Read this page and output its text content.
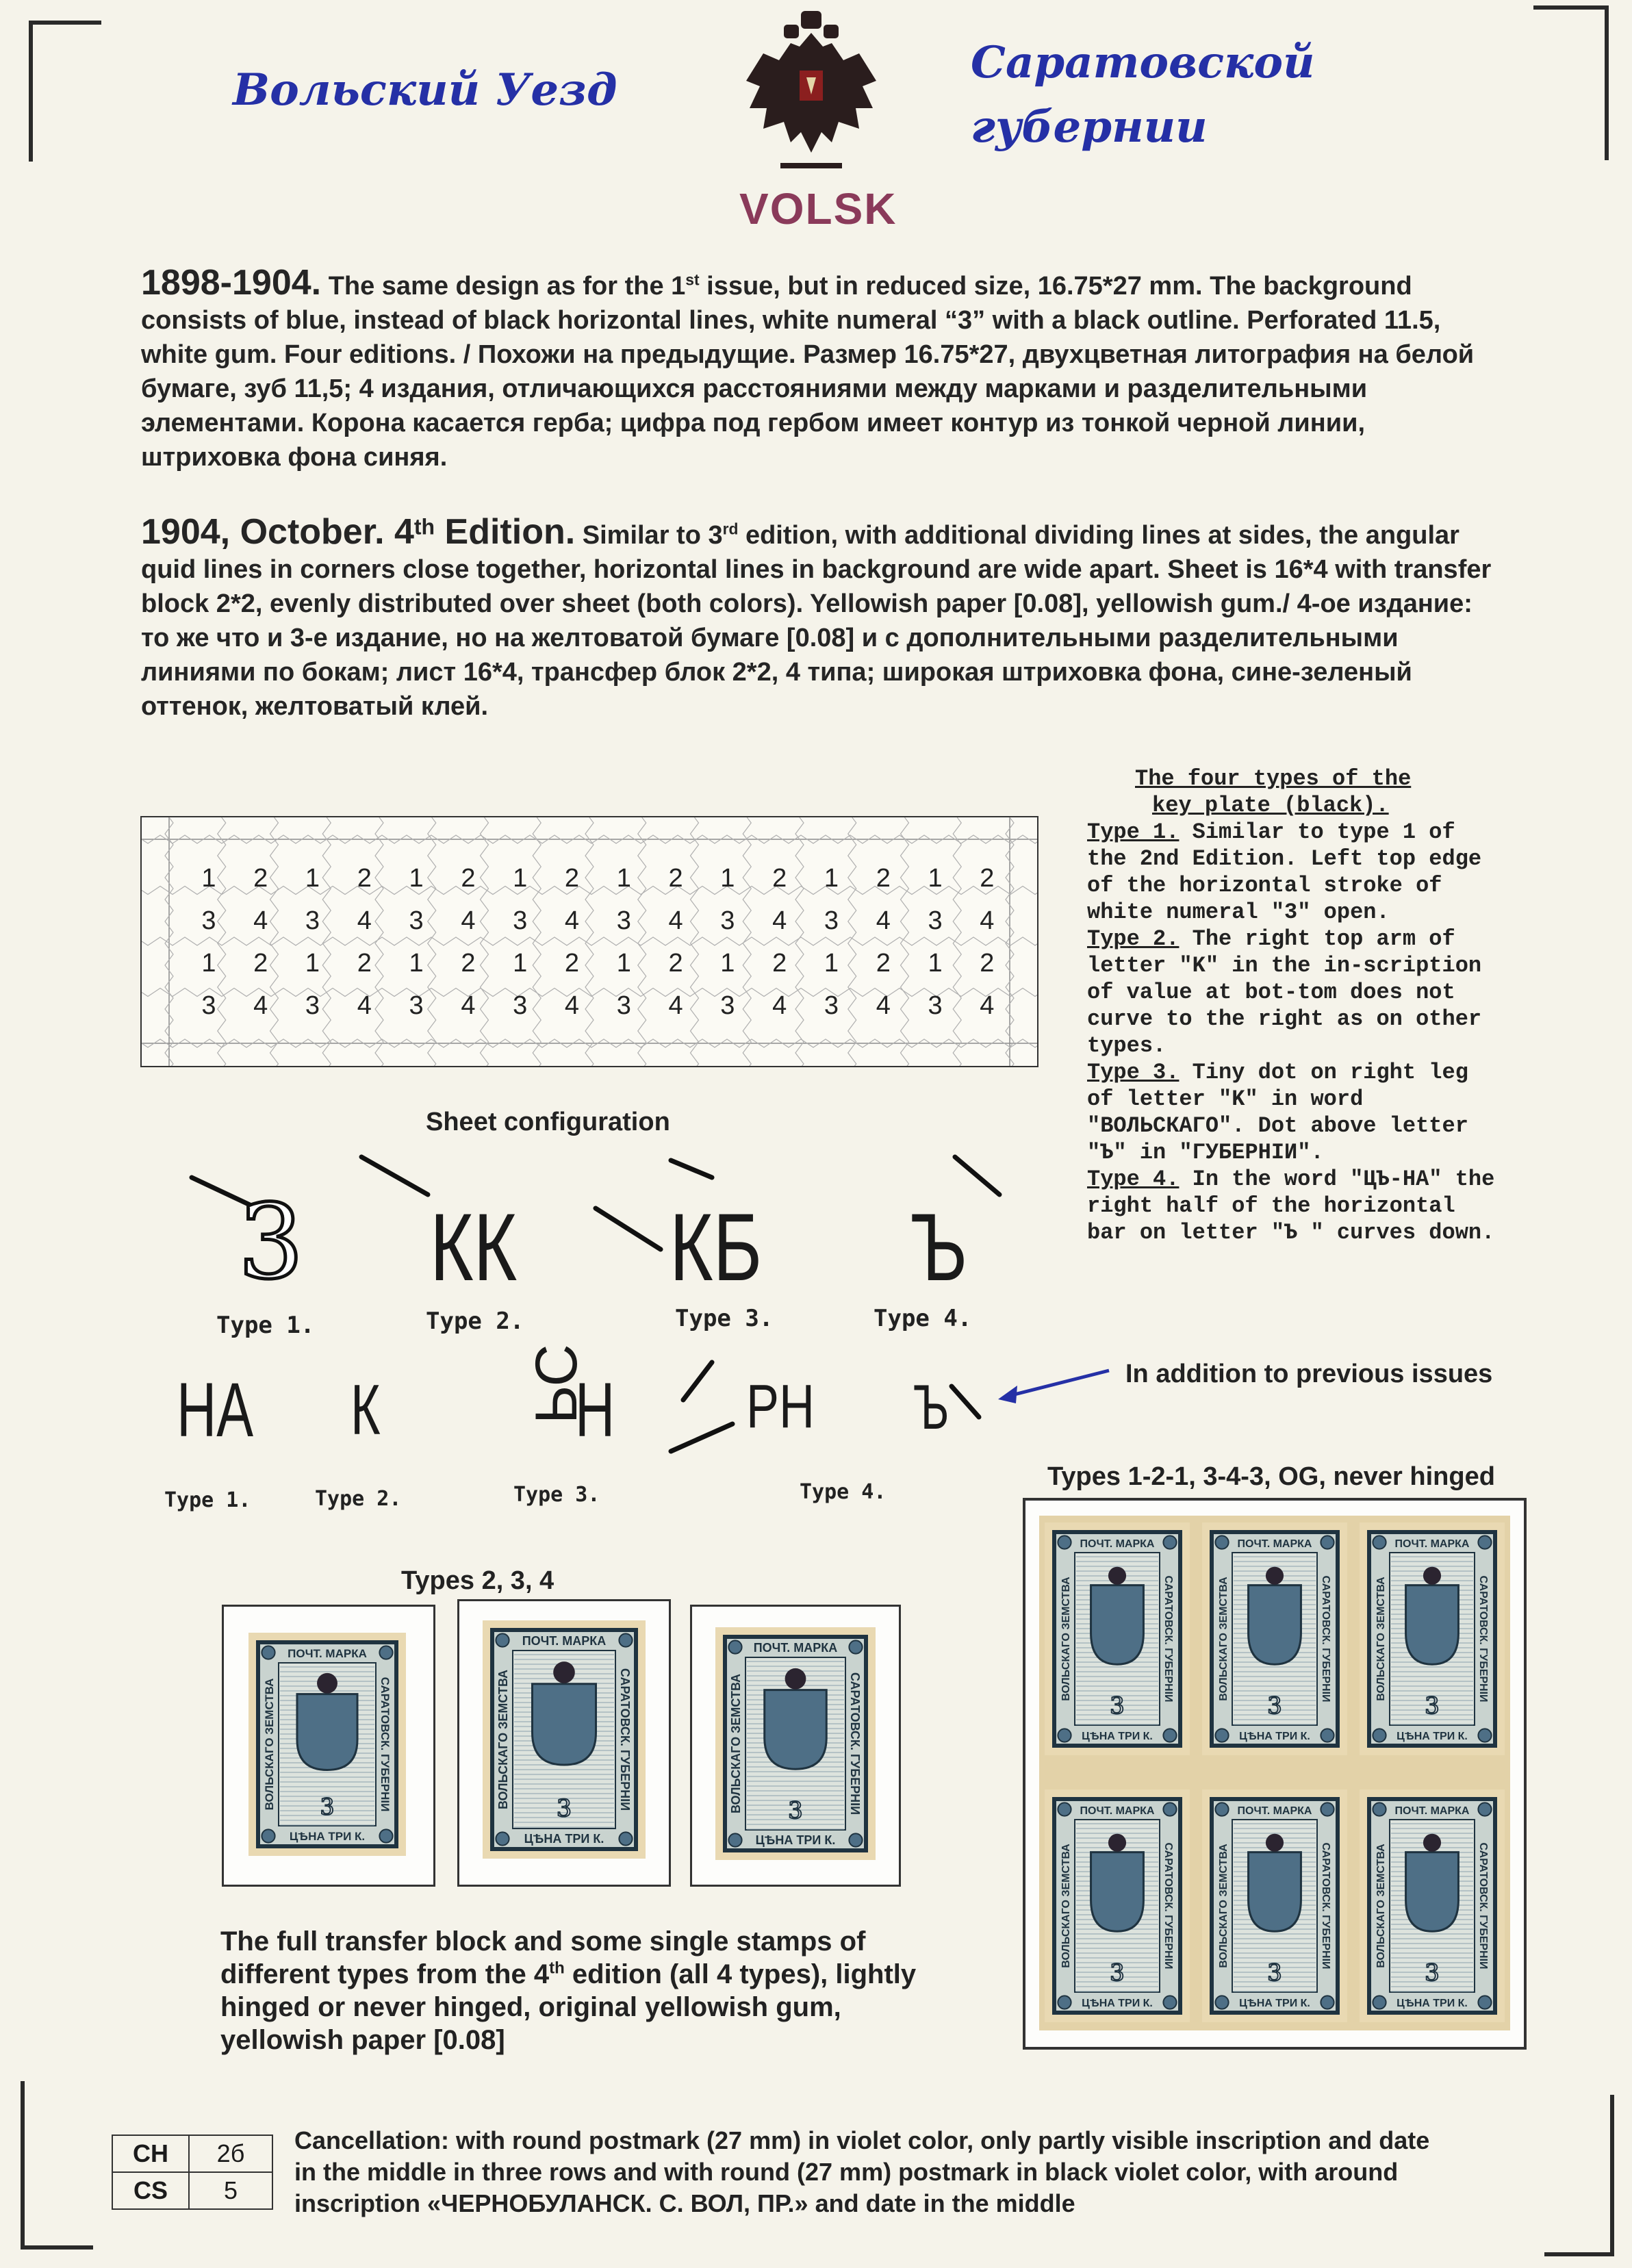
Вольский Уезд
Саратовской
губернии
VOLSK
1898-1904. The same design as for the 1st issue, but in reduced size, 16.75*27 mm. The background consists of blue, instead of black horizontal lines, white numeral “3” with a black outline. Perforated 11.5, white gum. Four editions. / Похожи на предыдущие. Размер 16.75*27, двухцветная литография на белой бумаге, зуб 11,5; 4 издания, отличающихся расстояниями между марками и разделительными элементами. Корона касается герба; цифра под гербом имеет контур из тонкой черной линии, штриховка фона синяя.
1904, October. 4th Edition. Similar to 3rd edition, with additional dividing lines at sides, the angular quid lines in corners close together, horizontal lines in background are wide apart. Sheet is 16*4 with transfer block 2*2, evenly distributed over sheet (both colors). Yellowish paper [0.08], yellowish gum./ 4-ое издание: то же что и 3-е издание, но на желтоватой бумаге [0.08] и с дополнительными разделительными линиями по бокам; лист 16*4, трансфер блок 2*2, 4 типа; широкая штриховка фона, сине-зеленый оттенок, желтоватый клей.
The four types of the
key plate (black).
Type 1. Similar to type 1 of the 2nd Edition. Left top edge of the horizontal stroke of white numeral "3" open.
Type 2. The right top arm of letter "K" in the in-scription of value at bot-tom does not curve to the right as on other types.
Type 3. Tiny dot on right leg of letter "K" in word "ВОЛЬСКАГО". Dot above letter "Ъ" in "ГУБЕРНIИ".
Type 4. In the word "ЦЪ-НА" the right half of the horizontal bar on letter "Ъ " curves down.
1	2	1	2	1	2	1	2	1	2	1	2	1	2	1	2
3	4	3	4	3	4	3	4	3	4	3	4	3	4	3	4
1	2	1	2	1	2	1	2	1	2	1	2	1	2	1	2
3	4	3	4	3	4	3	4	3	4	3	4	3	4	3	4
Sheet configuration
3 КК КБ Ъ
Type 1.	Type 2.	Type 3.	Type 4.
НА К ЬС
Н РН Ъ
Type 1.	Type 2.	Type 3.	Type 4.
In addition to previous issues
Types 2, 3, 4
ПОЧТ. МАРКА
ЦѢНА ТРИ К.
ВОЛЬСКАГО ЗЕМСТВА	САРАТОВСК. ГУБЕРНIИ
3
ПОЧТ. МАРКА
ЦѢНА ТРИ К.
ВОЛЬСКАГО ЗЕМСТВА	САРАТОВСК. ГУБЕРНIИ
3
ПОЧТ. МАРКА
ЦѢНА ТРИ К.
ВОЛЬСКАГО ЗЕМСТВА	САРАТОВСК. ГУБЕРНIИ
3
Types 1-2-1, 3-4-3, OG, never hinged
ПОЧТ. МАРКА
ЦѢНА ТРИ К.
ВОЛЬСКАГО ЗЕМСТВА	САРАТОВСК. ГУБЕРНIИ
3
ПОЧТ. МАРКА
ЦѢНА ТРИ К.
ВОЛЬСКАГО ЗЕМСТВА	САРАТОВСК. ГУБЕРНIИ
3
ПОЧТ. МАРКА
ЦѢНА ТРИ К.
ВОЛЬСКАГО ЗЕМСТВА	САРАТОВСК. ГУБЕРНIИ
3
ПОЧТ. МАРКА
ЦѢНА ТРИ К.
ВОЛЬСКАГО ЗЕМСТВА	САРАТОВСК. ГУБЕРНIИ
3
ПОЧТ. МАРКА
ЦѢНА ТРИ К.
ВОЛЬСКАГО ЗЕМСТВА	САРАТОВСК. ГУБЕРНIИ
3
ПОЧТ. МАРКА
ЦѢНА ТРИ К.
ВОЛЬСКАГО ЗЕМСТВА	САРАТОВСК. ГУБЕРНIИ
3
The full transfer block and some single stamps of different types from the 4th edition (all 4 types), lightly hinged or never hinged, original yellowish gum, yellowish paper [0.08]
CH	2б
CS	5
Cancellation: with round postmark (27 mm) in violet color, only partly visible inscription and date in the middle in three rows and with round (27 mm) postmark in black violet color, with around inscription «ЧЕРНОБУЛАНСК. С. ВОЛ, ПР.» and date in the middle
